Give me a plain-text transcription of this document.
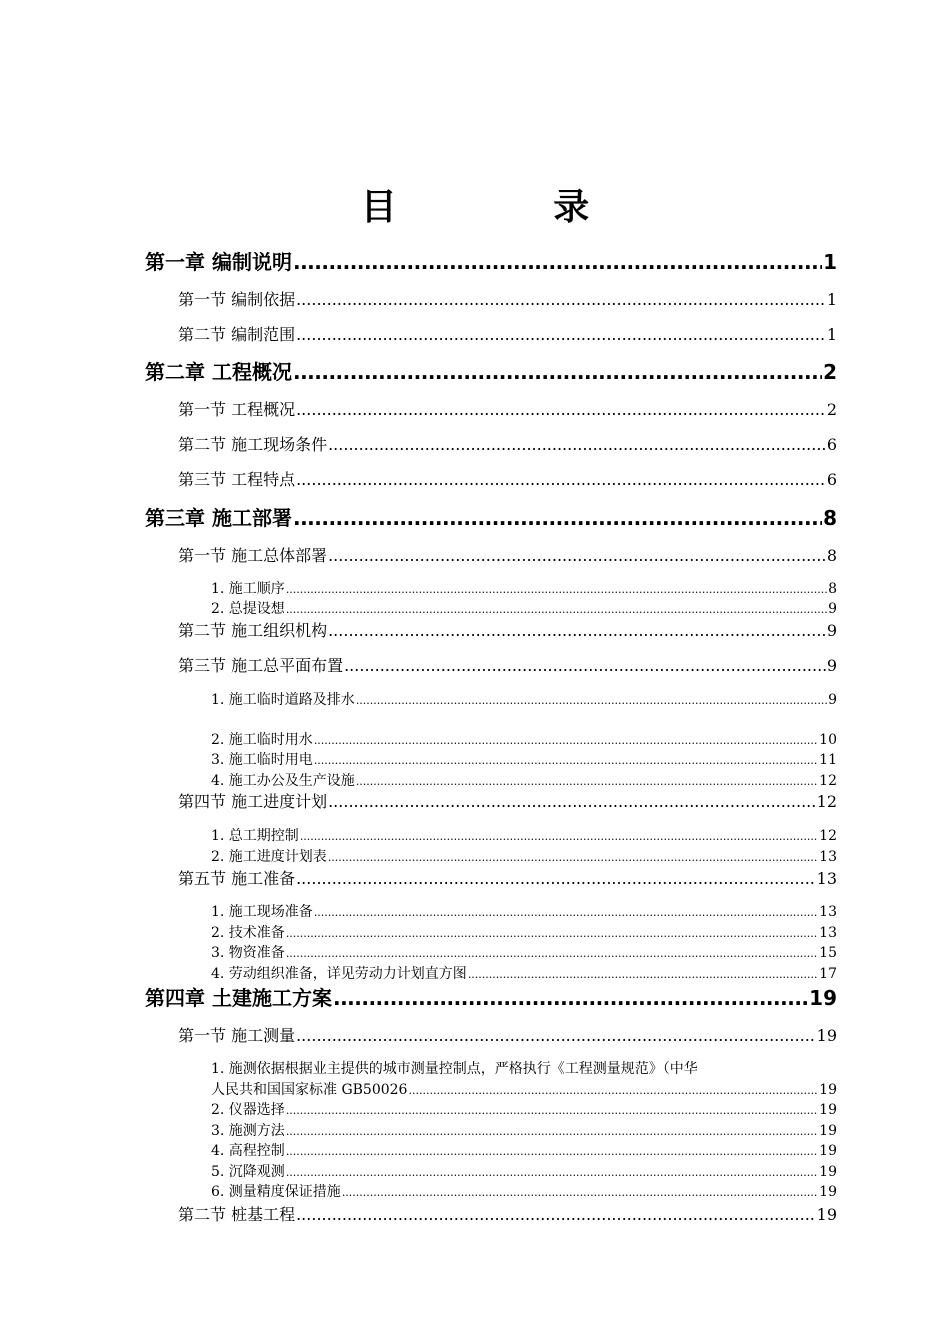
目 录
第一章 编制说明 .....	1
第一节 编制依据 .....	1
第二节 编制范围 .....	1
第二章 工程概况 .....	2
第一节 工程概况 .....	2
第二节 施工现场条件 .....	6
第三节 工程特点 .....	6
第三章 施工部署 .....	8
第一节 施工总体部署 .....	8
1. 施工顺序 .....	8
2. 总提设想 .....	9
第二节 施工组织机构 .....	9
第三节 施工总平面布置 .....	9
1. 施工临时道路及排水 .....	9
2. 施工临时用水 .....	10
3. 施工临时用电 .....	11
4. 施工办公及生产设施 .....	12
第四节 施工进度计划 .....	12
1. 总工期控制 .....	12
2. 施工进度计划表 .....	13
第五节 施工准备 .....	13
1. 施工现场准备 .....	13
2. 技术准备 .....	13
3. 物资准备 .....	15
4. 劳动组织准备，详见劳动力计划直方图 .....	17
第四章 土建施工方案 .....	19
第一节 施工测量 .....	19
1. 施测依据根据业主提供的城市测量控制点，严格执行《工程测量规范》（中华
人民共和国国家标准 GB50026 .....	19
2. 仪器选择 .....	19
3. 施测方法 .....	19
4. 高程控制 .....	19
5. 沉降观测 .....	19
6. 测量精度保证措施 .....	19
第二节 桩基工程 .....	19
